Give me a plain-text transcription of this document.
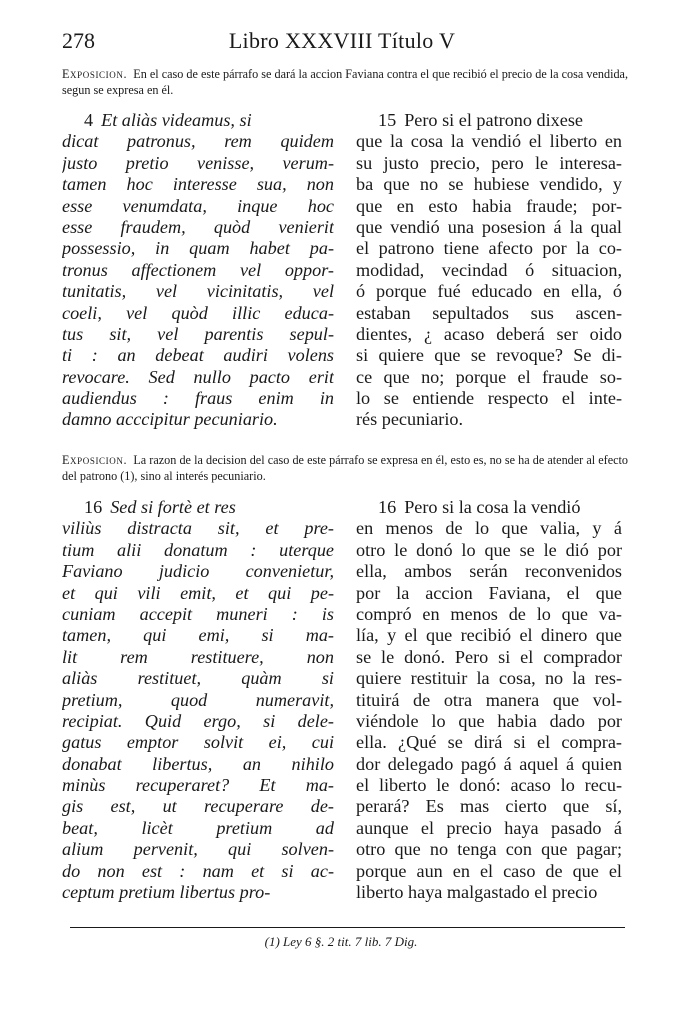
278	Libro XXXVIII Título V
Exposicion. En el caso de este párrafo se dará la accion Faviana contra el que recibió el precio de la cosa vendida, segun se expresa en él.
4 Et aliàs videamus, si
dicat patronus, rem quidem
justo pretio venisse, verum-
tamen hoc interesse sua, non
esse venumdata, inque hoc
esse fraudem, quòd venierit
possessio, in quam habet pa-
tronus affectionem vel oppor-
tunitatis, vel vicinitatis, vel
coeli, vel quòd illic educa-
tus sit, vel parentis sepul-
ti : an debeat audiri volens
revocare. Sed nullo pacto erit
audiendus : fraus enim in
damno acccipitur pecuniario.
15 Pero si el patrono dixese
que la cosa la vendió el liberto en
su justo precio, pero le interesa-
ba que no se hubiese vendido, y
que en esto habia fraude; por-
que vendió una posesion á la qual
el patrono tiene afecto por la co-
modidad, vecindad ó situacion,
ó porque fué educado en ella, ó
estaban sepultados sus ascen-
dientes, ¿ acaso deberá ser oido
si quiere que se revoque? Se di-
ce que no; porque el fraude so-
lo se entiende respecto el inte-
rés pecuniario.
Exposicion. La razon de la decision del caso de este párrafo se expresa en él, esto es, no se ha de atender al efecto del patrono (1), sino al interés pecuniario.
16 Sed si fortè et res
viliùs distracta sit, et pre-
tium alii donatum : uterque
Faviano judicio convenietur,
et qui vili emit, et qui pe-
cuniam accepit muneri : is
tamen, qui emi, si ma-
lit rem restituere, non
aliàs restituet, quàm si
pretium, quod numeravit,
recipiat. Quid ergo, si dele-
gatus emptor solvit ei, cui
donabat libertus, an nihilo
minùs recuperaret? Et ma-
gis est, ut recuperare de-
beat, licèt pretium ad
alium pervenit, qui solven-
do non est : nam et si ac-
ceptum pretium libertus pro-
16 Pero si la cosa la vendió
en menos de lo que valia, y á
otro le donó lo que se le dió por
ella, ambos serán reconvenidos
por la accion Faviana, el que
compró en menos de lo que va-
lía, y el que recibió el dinero que
se le donó. Pero si el comprador
quiere restituir la cosa, no la res-
tituirá de otra manera que vol-
viéndole lo que habia dado por
ella. ¿Qué se dirá si el compra-
dor delegado pagó á aquel á quien
el liberto le donó: acaso lo recu-
perará? Es mas cierto que sí,
aunque el precio haya pasado á
otro que no tenga con que pagar;
porque aun en el caso de que el
liberto haya malgastado el precio
(1) Ley 6 §. 2 tit. 7 lib. 7 Dig.
